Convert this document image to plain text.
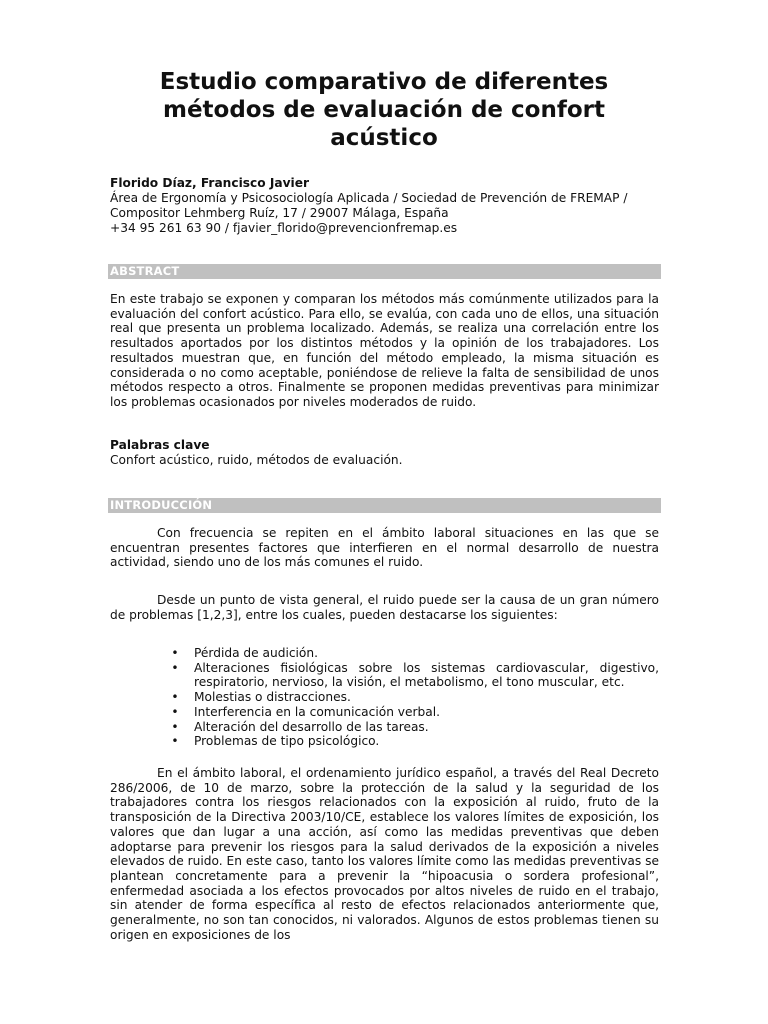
Estudio comparativo de diferentes métodos de evaluación de confort acústico
Florido Díaz, Francisco Javier
Área de Ergonomía y Psicosociología Aplicada / Sociedad de Prevención de FREMAP / Compositor Lehmberg Ruíz, 17 / 29007 Málaga, España
+34 95 261 63 90 / fjavier_florido@prevencionfremap.es
ABSTRACT

En este trabajo se exponen y comparan los métodos más comúnmente utilizados para la evaluación del confort acústico. Para ello, se evalúa, con cada uno de ellos, una situación real que presenta un problema localizado. Además, se realiza una correlación entre los resultados aportados por los distintos métodos y la opinión de los trabajadores. Los resultados muestran que, en función del método empleado, la misma situación es considerada o no como aceptable, poniéndose de relieve la falta de sensibilidad de unos métodos respecto a otros. Finalmente se proponen medidas preventivas para minimizar los problemas ocasionados por niveles moderados de ruido.

Palabras clave
Confort acústico, ruido, métodos de evaluación.
INTRODUCCIÓN

Con frecuencia se repiten en el ámbito laboral situaciones en las que se encuentran presentes factores que interfieren en el normal desarrollo de nuestra actividad, siendo uno de los más comunes el ruido.

Desde un punto de vista general, el ruido puede ser la causa de un gran número de problemas [1,2,3], entre los cuales, pueden destacarse los siguientes:

• Pérdida de audición.
• Alteraciones fisiológicas sobre los sistemas cardiovascular, digestivo, respiratorio, nervioso, la visión, el metabolismo, el tono muscular, etc.
• Molestias o distracciones.
• Interferencia en la comunicación verbal.
• Alteración del desarrollo de las tareas.
• Problemas de tipo psicológico.

En el ámbito laboral, el ordenamiento jurídico español, a través del Real Decreto 286/2006, de 10 de marzo, sobre la protección de la salud y la seguridad de los trabajadores contra los riesgos relacionados con la exposición al ruido, fruto de la transposición de la Directiva 2003/10/CE, establece los valores límites de exposición, los valores que dan lugar a una acción, así como las medidas preventivas que deben adoptarse para prevenir los riesgos para la salud derivados de la exposición a niveles elevados de ruido. En este caso, tanto los valores límite como las medidas preventivas se plantean concretamente para a prevenir la “hipoacusia o sordera profesional”, enfermedad asociada a los efectos provocados por altos niveles de ruido en el trabajo, sin atender de forma específica al resto de efectos relacionados anteriormente que, generalmente, no son tan conocidos, ni valorados. Algunos de estos problemas tienen su origen en exposiciones de los
